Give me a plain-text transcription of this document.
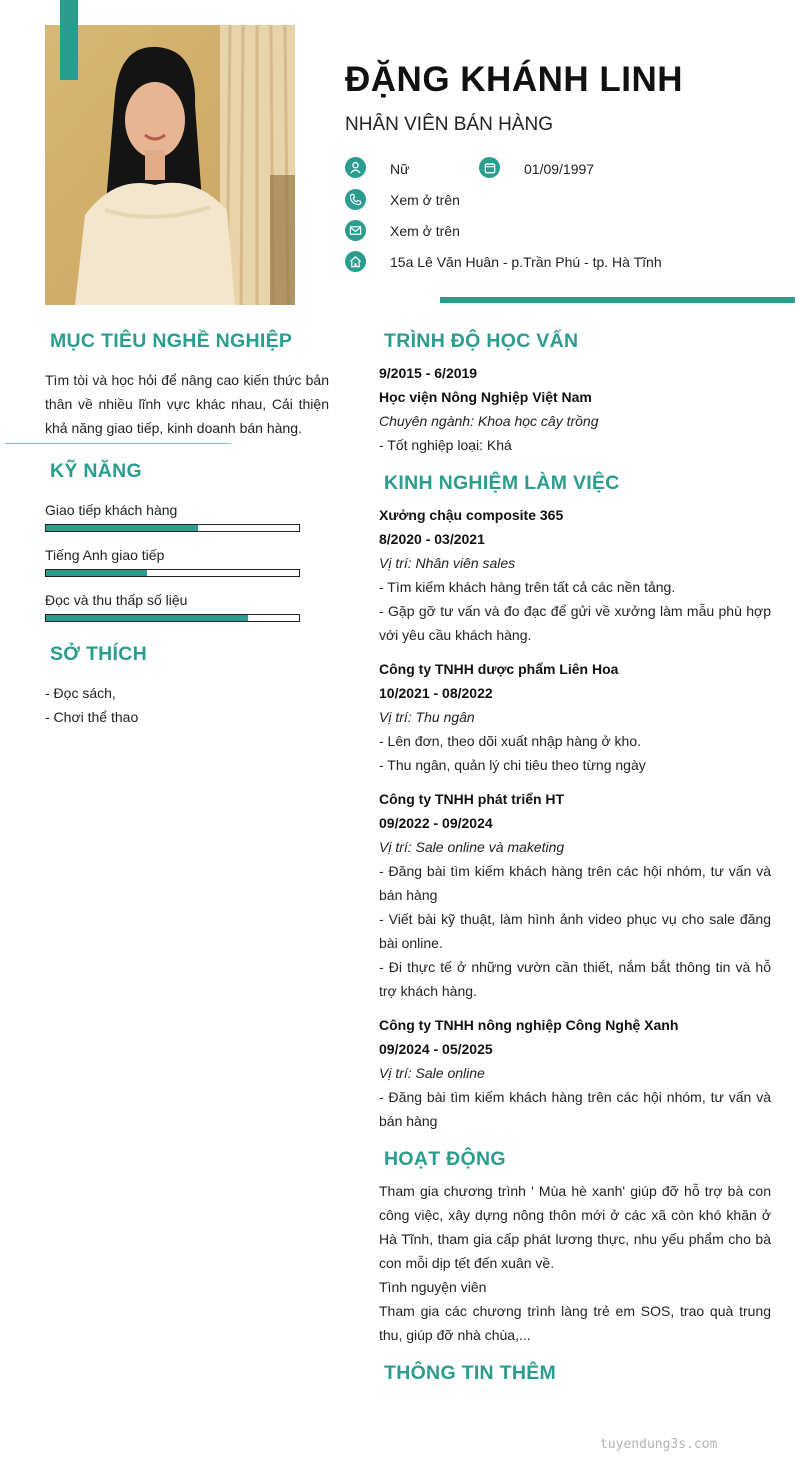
ĐẶNG KHÁNH LINH
NHÂN VIÊN BÁN HÀNG
Nữ	01/09/1997
Xem ở trên
Xem ở trên
15a Lê Văn Huân - p.Trần Phú - tp. Hà Tĩnh
MỤC TIÊU NGHỀ NGHIỆP
Tìm tòi và học hỏi để nâng cao kiến thức bản thân về nhiều lĩnh vực khác nhau, Cải thiện khả năng giao tiếp, kinh doanh bán hàng.
KỸ NĂNG
Giao tiếp khách hàng
Tiếng Anh giao tiếp
Đọc và thu thấp số liệu
SỞ THÍCH
- Đọc sách,
- Chơi thể thao
TRÌNH ĐỘ HỌC VẤN
9/2015 - 6/2019
Học viện Nông Nghiệp Việt Nam
Chuyên ngành: Khoa học cây trồng
- Tốt nghiệp loại: Khá
KINH NGHIỆM LÀM VIỆC
Xưởng chậu composite 365
8/2020 - 03/2021
Vị trí: Nhân viên sales
- Tìm kiếm khách hàng trên tất cả các nền tảng.
- Gặp gỡ tư vấn và đo đạc để gửi về xưởng làm mẫu phù hợp với yêu cầu khách hàng.
Công ty TNHH dược phẩm Liên Hoa
10/2021 - 08/2022
Vị trí: Thu ngân
- Lên đơn, theo dõi xuất nhập hàng ở kho.
- Thu ngân, quản lý chi tiêu theo từng ngày
Công ty TNHH phát triển HT
09/2022 - 09/2024
Vị trí: Sale online và maketing
- Đăng bài tìm kiếm khách hàng trên các hội nhóm, tư vấn và bán hàng
- Viết bài kỹ thuật, làm hình ảnh video phục vụ cho sale đăng bài online.
- Đi thực tế ở những vườn cần thiết, nắm bắt thông tin và hỗ trợ khách hàng.
Công ty TNHH nông nghiệp Công Nghệ Xanh
09/2024 - 05/2025
Vị trí: Sale online
- Đăng bài tìm kiếm khách hàng trên các hội nhóm, tư vấn và bán hàng
HOẠT ĐỘNG
Tham gia chương trình ' Mùa hè xanh' giúp đỡ hỗ trợ bà con công việc, xây dựng nông thôn mới ở các xã còn khó khăn ở Hà Tĩnh, tham gia cấp phát lương thực, nhu yếu phẩm cho bà con mỗi dịp tết đến xuân về.
Tình nguyện viên
Tham gia các chương trình làng trẻ em SOS, trao quà trung thu, giúp đỡ nhà chùa,...
THÔNG TIN THÊM
tuyendung3s.com
